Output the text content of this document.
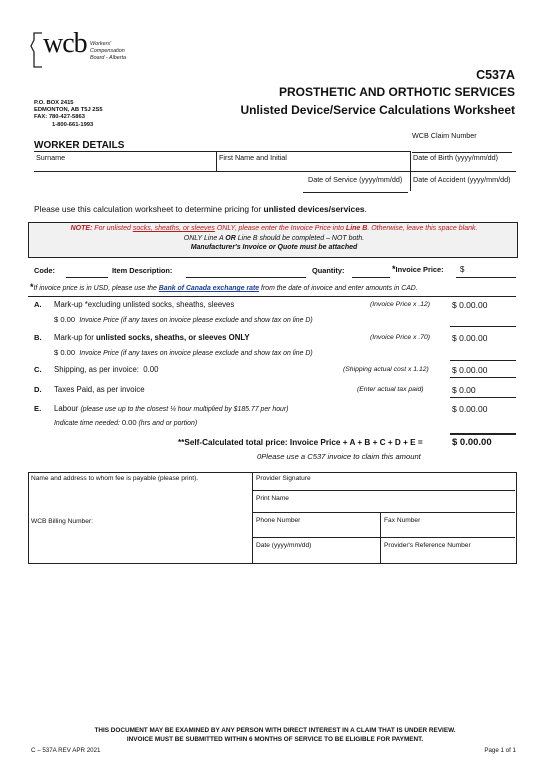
wcb Workers'
Compensation
Board - Alberta
C537A
PROSTHETIC AND ORTHOTIC SERVICES
Unlisted Device/Service Calculations Worksheet
P.O. BOX 2415
EDMONTON, AB T5J 2S5
FAX: 780-427-5863
1-800-661-1993
WCB Claim Number
WORKER DETAILS
Surname	First Name and Initial	Date of Birth (yyyy/mm/dd)
Date of Service (yyyy/mm/dd) Date of Accident (yyyy/mm/dd)
Please use this calculation worksheet to determine pricing for unlisted devices/services.
NOTE: For unlisted socks, sheaths, or sleeves ONLY, please enter the Invoice Price into Line B. Otherwise, leave this space blank.
ONLY Line A OR Line B should be completed – NOT both.
Manufacturer's Invoice or Quote must be attached
Code:	Item Description:	Quantity:	*Invoice Price: $
*If invoice price is in USD, please use the Bank of Canada exchange rate from the date of invoice and enter amounts in CAD.
A. Mark-up *excluding unlisted socks, sheaths, sleeves	(Invoice Price x .12)	$ 0.00.00
$ 0.00 Invoice Price (if any taxes on invoice please exclude and show tax on line D)
B. Mark-up for unlisted socks, sheaths, or sleeves ONLY	(Invoice Price x .70)	$ 0.00.00
$ 0.00 Invoice Price (if any taxes on invoice please exclude and show tax on line D)
C. Shipping, as per invoice: 0.00	(Shipping actual cost x 1.12)	$ 0.00.00
D. Taxes Paid, as per invoice	(Enter actual tax paid)	$ 0.00
E. Labour (please use up to the closest ¼ hour multiplied by $185.77 per hour)	$ 0.00.00
Indicate time needed: 0.00 (hrs and or portion)
**Self-Calculated total price: Invoice Price + A + B + C + D + E =	$ 0.00.00
0Please use a C537 invoice to claim this amount
Name and address to whom fee is payable (please print).
WCB Billing Number:
Provider Signature
Print Name
Phone Number	Fax Number
Date (yyyy/mm/dd)	Provider's Reference Number
THIS DOCUMENT MAY BE EXAMINED BY ANY PERSON WITH DIRECT INTEREST IN A CLAIM THAT IS UNDER REVIEW.
INVOICE MUST BE SUBMITTED WITHIN 6 MONTHS OF SERVICE TO BE ELIGIBLE FOR PAYMENT.
C – 537A REV APR 2021	Page 1 of 1
